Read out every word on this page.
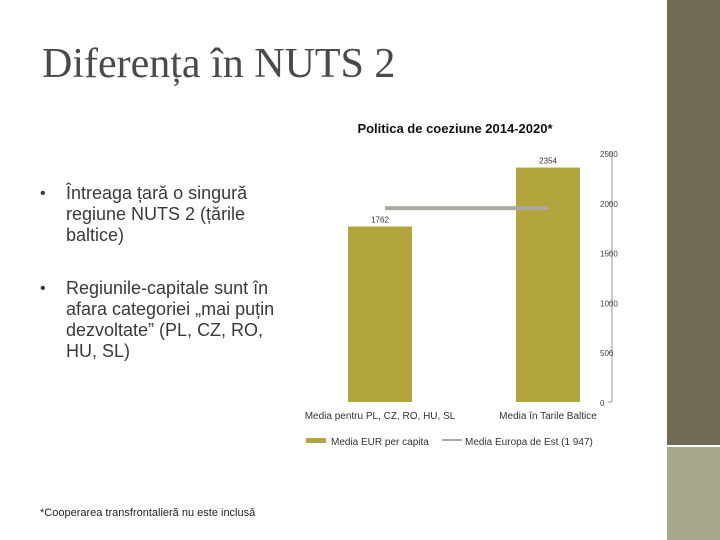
Diferența în NUTS 2
• Întreaga țară o singură regiune NUTS 2 (țările baltice)
• Regiunile-capitale sunt în afara categoriei „mai puțin dezvoltate” (PL, CZ, RO, HU, SL)
*Cooperarea transfrontalieră nu este inclusă
Politica de coeziune 2014-2020*
0
500
1000
1500
2000
2500
1762
2354
Media pentru PL, CZ, RO, HU, SL	Media în Tarile Baltice
Media EUR per capita	Media Europa de Est (1 947)
